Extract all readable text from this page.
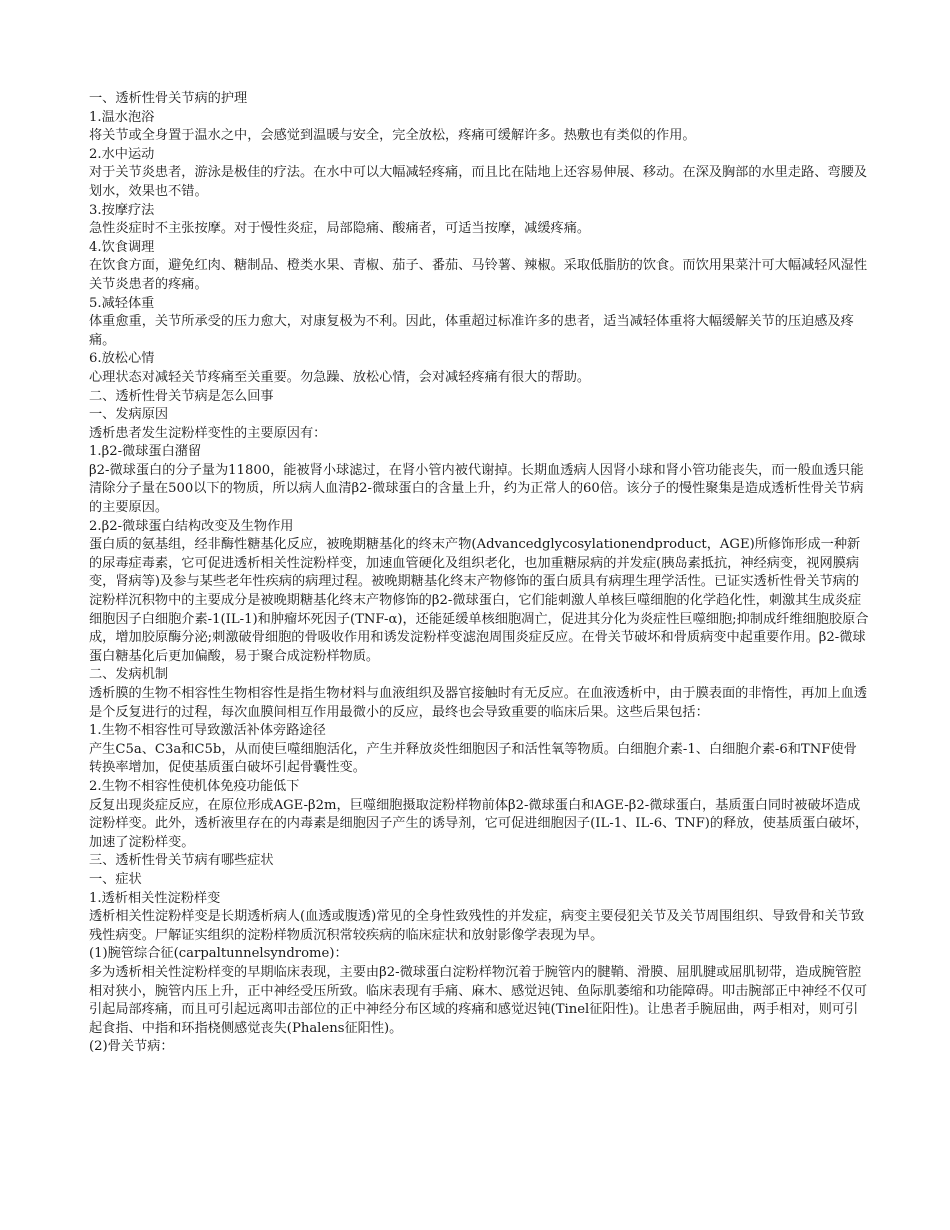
一、透析性骨关节病的护理

1.温水泡浴

将关节或全身置于温水之中，会感觉到温暖与安全，完全放松，疼痛可缓解许多。热敷也有类似的作用。

2.水中运动

对于关节炎患者，游泳是极佳的疗法。在水中可以大幅减轻疼痛，而且比在陆地上还容易伸展、移动。在深及胸部的水里走路、弯腰及划水，效果也不错。

3.按摩疗法

急性炎症时不主张按摩。对于慢性炎症，局部隐痛、酸痛者，可适当按摩，减缓疼痛。

4.饮食调理

在饮食方面，避免红肉、糖制品、橙类水果、青椒、茄子、番茄、马铃薯、辣椒。采取低脂肪的饮食。而饮用果菜汁可大幅减轻风湿性关节炎患者的疼痛。

5.减轻体重

体重愈重，关节所承受的压力愈大，对康复极为不利。因此，体重超过标准许多的患者，适当减轻体重将大幅缓解关节的压迫感及疼痛。

6.放松心情

心理状态对减轻关节疼痛至关重要。勿急躁、放松心情，会对减轻疼痛有很大的帮助。

二、透析性骨关节病是怎么回事

一、发病原因

透析患者发生淀粉样变性的主要原因有：

1.β2-微球蛋白潴留

β2-微球蛋白的分子量为11800，能被肾小球滤过，在肾小管内被代谢掉。长期血透病人因肾小球和肾小管功能丧失，而一般血透只能清除分子量在500以下的物质，所以病人血清β2-微球蛋白的含量上升，约为正常人的60倍。该分子的慢性聚集是造成透析性骨关节病的主要原因。

2.β2-微球蛋白结构改变及生物作用

蛋白质的氨基组，经非酶性糖基化反应，被晚期糖基化的终末产物(Advancedglycosylationendproduct，AGE)所修饰形成一种新的尿毒症毒素，它可促进透析相关性淀粉样变，加速血管硬化及组织老化，也加重糖尿病的并发症(胰岛素抵抗，神经病变，视网膜病变，肾病等)及参与某些老年性疾病的病理过程。被晚期糖基化终末产物修饰的蛋白质具有病理生理学活性。已证实透析性骨关节病的淀粉样沉积物中的主要成分是被晚期糖基化终末产物修饰的β2-微球蛋白，它们能刺激人单核巨噬细胞的化学趋化性，刺激其生成炎症细胞因子白细胞介素-1(IL-1)和肿瘤坏死因子(TNF-α)，还能延缓单核细胞凋亡，促进其分化为炎症性巨噬细胞;抑制成纤维细胞胶原合成，增加胶原酶分泌;刺激破骨细胞的骨吸收作用和诱发淀粉样变滤泡周围炎症反应。在骨关节破坏和骨质病变中起重要作用。β2-微球蛋白糖基化后更加偏酸，易于聚合成淀粉样物质。

二、发病机制

透析膜的生物不相容性生物相容性是指生物材料与血液组织及器官接触时有无反应。在血液透析中，由于膜表面的非惰性，再加上血透是个反复进行的过程，每次血膜间相互作用最微小的反应，最终也会导致重要的临床后果。这些后果包括：

1.生物不相容性可导致激活补体旁路途径

产生C5a、C3a和C5b，从而使巨噬细胞活化，产生并释放炎性细胞因子和活性氧等物质。白细胞介素-1、白细胞介素-6和TNF使骨转换率增加，促使基质蛋白破坏引起骨囊性变。

2.生物不相容性使机体免疫功能低下

反复出现炎症反应，在原位形成AGE-β2m，巨噬细胞摄取淀粉样物前体β2-微球蛋白和AGE-β2-微球蛋白，基质蛋白同时被破坏造成淀粉样变。此外，透析液里存在的内毒素是细胞因子产生的诱导剂，它可促进细胞因子(IL-1、IL-6、TNF)的释放，使基质蛋白破坏，加速了淀粉样变。

三、透析性骨关节病有哪些症状

一、症状

1.透析相关性淀粉样变

透析相关性淀粉样变是长期透析病人(血透或腹透)常见的全身性致残性的并发症，病变主要侵犯关节及关节周围组织、导致骨和关节致残性病变。尸解证实组织的淀粉样物质沉积常较疾病的临床症状和放射影像学表现为早。

(1)腕管综合征(carpaltunnelsyndrome)：

多为透析相关性淀粉样变的早期临床表现，主要由β2-微球蛋白淀粉样物沉着于腕管内的腱鞘、滑膜、屈肌腱或屈肌韧带，造成腕管腔相对狭小，腕管内压上升，正中神经受压所致。临床表现有手痛、麻木、感觉迟钝、鱼际肌萎缩和功能障碍。叩击腕部正中神经不仅可引起局部疼痛，而且可引起远离叩击部位的正中神经分布区域的疼痛和感觉迟钝(Tinel征阳性)。让患者手腕屈曲，两手相对，则可引起食指、中指和环指桡侧感觉丧失(Phalens征阳性)。

(2)骨关节病：
